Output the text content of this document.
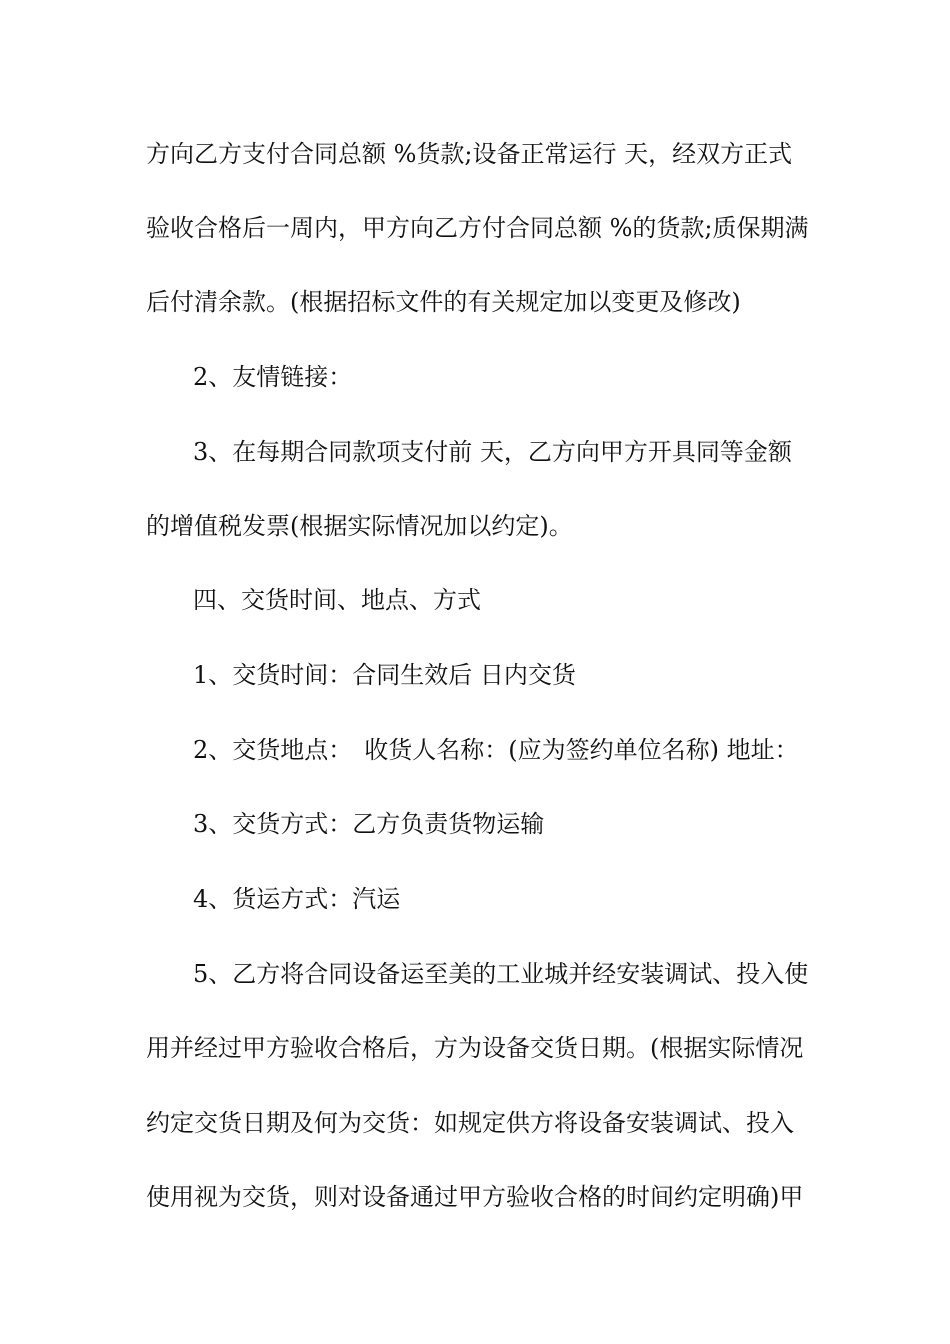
方向乙方支付合同总额 %货款;设备正常运行 天，经双方正式
验收合格后一周内，甲方向乙方付合同总额 %的货款;质保期满
后付清余款。(根据招标文件的有关规定加以变更及修改)
2、友情链接：
3、在每期合同款项支付前 天，乙方向甲方开具同等金额
的增值税发票(根据实际情况加以约定)。
四、交货时间、地点、方式
1、交货时间：合同生效后 日内交货
2、交货地点：　收货人名称：(应为签约单位名称) 地址：
3、交货方式：乙方负责货物运输
4、货运方式：汽运
5、乙方将合同设备运至美的工业城并经安装调试、投入使
用并经过甲方验收合格后，方为设备交货日期。(根据实际情况
约定交货日期及何为交货：如规定供方将设备安装调试、投入
使用视为交货，则对设备通过甲方验收合格的时间约定明确)甲
